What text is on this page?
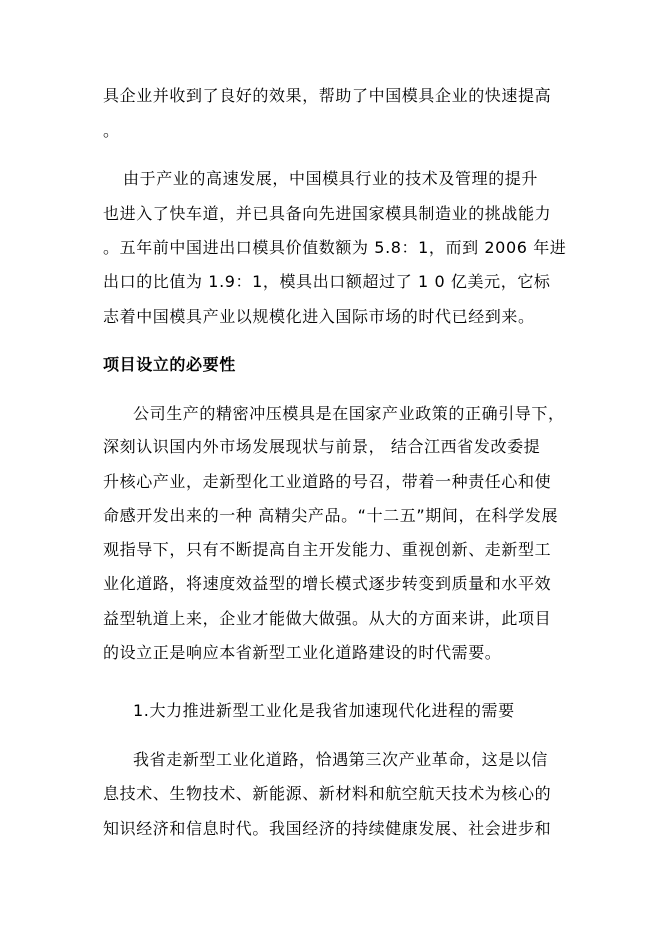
具企业并收到了良好的效果，帮助了中国模具企业的快速提高
。
由于产业的高速发展，中国模具行业的技术及管理的提升
也进入了快车道，并已具备向先进国家模具制造业的挑战能力
。五年前中国进出口模具价值数额为 5.8：1，而到 2006 年进
出口的比值为 1.9：1，模具出口额超过了 1 0 亿美元，它标
志着中国模具产业以规模化进入国际市场的时代已经到来。
项目设立的必要性
公司生产的精密冲压模具是在国家产业政策的正确引导下，
深刻认识国内外市场发展现状与前景， 结合江西省发改委提
升核心产业，走新型化工业道路的号召，带着一种责任心和使
命感开发出来的一种 高精尖产品。“十二五”期间，在科学发展
观指导下，只有不断提高自主开发能力、重视创新、走新型工
业化道路，将速度效益型的增长模式逐步转变到质量和水平效
益型轨道上来，企业才能做大做强。从大的方面来讲，此项目
的设立正是响应本省新型工业化道路建设的时代需要。
1.大力推进新型工业化是我省加速现代化进程的需要
我省走新型工业化道路，恰遇第三次产业革命，这是以信
息技术、生物技术、新能源、新材料和航空航天技术为核心的
知识经济和信息时代。我国经济的持续健康发展、社会进步和
